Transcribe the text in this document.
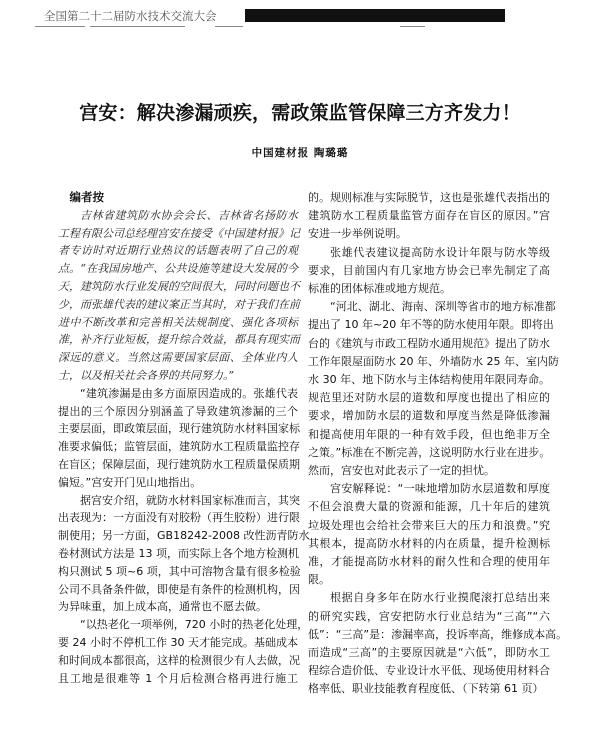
全国第二十二届防水技术交流大会
宫安：解决渗漏顽疾，需政策监管保障三方齐发力！
中国建材报 陶璐璐
编者按
吉林省建筑防水协会会长、吉林省名扬防水
工程有限公司总经理宫安在接受《中国建材报》记
者专访时对近期行业热议的话题表明了自己的观
点。“在我国房地产、公共设施等建设大发展的今
天，建筑防水行业发展的空间很大，同时问题也不
少，而张雄代表的建议案正当其时，对于我们在前
进中不断改革和完善相关法规制度、强化各项标
准，补齐行业短板，提升综合效益，都具有现实而
深远的意义。当然这需要国家层面、全体业内人
士，以及相关社会各界的共同努力。”
“建筑渗漏是由多方面原因造成的。张雄代表
提出的三个原因分别涵盖了导致建筑渗漏的三个
主要层面，即政策层面，现行建筑防水材料国家标
准要求偏低；监管层面，建筑防水工程质量监控存
在盲区；保障层面，现行建筑防水工程质量保质期
偏短。”宫安开门见山地指出。
据宫安介绍，就防水材料国家标准而言，其突
出表现为：一方面没有对胶粉（再生胶粉）进行限
制使用；另一方面，GB18242-2008 改性沥青防水
卷材测试方法是 13 项，而实际上各个地方检测机
构只测试 5 项~6 项，其中可溶物含量有很多检验
公司不具备条件做，即使是有条件的检测机构，因
为异味重，加上成本高，通常也不愿去做。
“以热老化一项举例，720 小时的热老化处理，
要 24 小时不停机工作 30 天才能完成。基础成本
和时间成本都很高，这样的检测很少有人去做，况
且工地是很难等 1 个月后检测合格再进行施工
的。规则标准与实际脱节，这也是张雄代表指出的
建筑防水工程质量监管方面存在盲区的原因。”宫
安进一步举例说明。
张雄代表建议提高防水设计年限与防水等级
要求，目前国内有几家地方协会已率先制定了高
标准的团体标准或地方规范。
“河北、湖北、海南、深圳等省市的地方标准都
提出了 10 年~20 年不等的防水使用年限。即将出
台的《建筑与市政工程防水通用规范》提出了防水
工作年限屋面防水 20 年、外墙防水 25 年、室内防
水 30 年、地下防水与主体结构使用年限同寿命。
规范里还对防水层的道数和厚度也提出了相应的
要求，增加防水层的道数和厚度当然是降低渗漏
和提高使用年限的一种有效手段，但也绝非万全
之策。”标准在不断完善，这说明防水行业在进步。
然而，宫安也对此表示了一定的担忧。
宫安解释说：“一味地增加防水层道数和厚度
不但会浪费大量的资源和能源，几十年后的建筑
垃圾处理也会给社会带来巨大的压力和浪费。”究
其根本，提高防水材料的内在质量，提升检测标
准，才能提高防水材料的耐久性和合理的使用年
限。
根据自身多年在防水行业摸爬滚打总结出来
的研究实践，宫安把防水行业总结为“三高”“六
低”：“三高”是：渗漏率高，投诉率高，维修成本高。
而造成“三高”的主要原因就是“六低”，即防水工
程综合造价低、专业设计水平低、现场使用材料合
格率低、职业技能教育程度低、（下转第 61 页）
